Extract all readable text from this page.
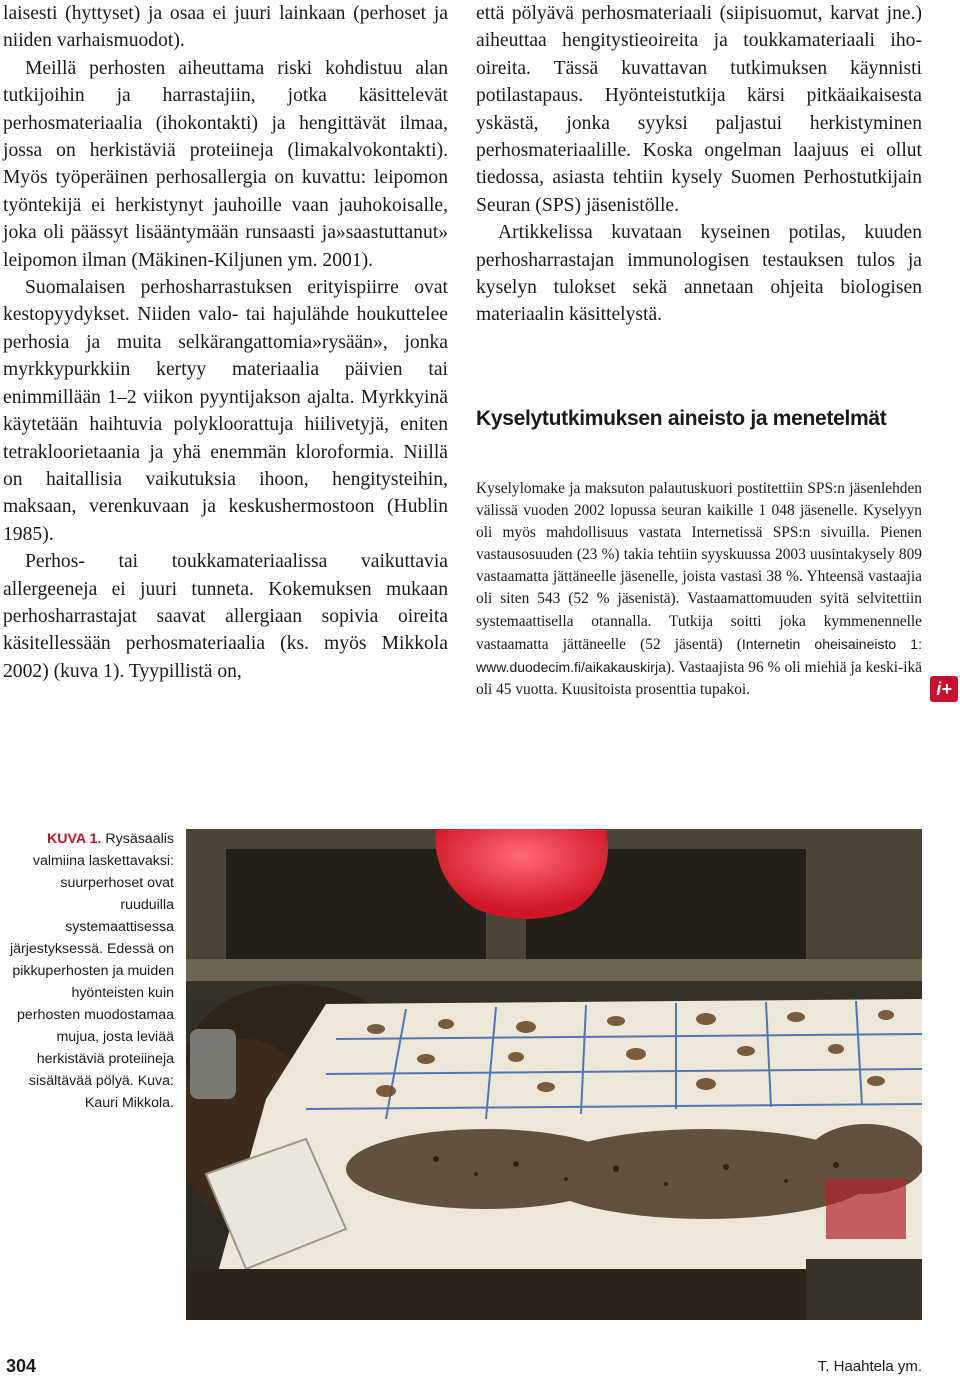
laisesti (hyttyset) ja osaa ei juuri lainkaan (perhoset ja niiden varhaismuodot).

Meillä perhosten aiheuttama riski kohdistuu alan tutkijoihin ja harrastajiin, jotka käsittelevät perhosmateriaalia (ihokontakti) ja hengittävät ilmaa, jossa on herkistäviä proteiineja (limakalvokontakti). Myös työperäinen perhosallergia on kuvattu: leipomon työntekijä ei herkistynyt jauhoille vaan jauhokoisalle, joka oli päässyt lisääntymään runsaasti ja»saastuttanut» leipomon ilman (Mäkinen-Kiljunen ym. 2001).

Suomalaisen perhosharrastuksen erityispiirre ovat kestopyydykset. Niiden valo- tai hajulähde houkuttelee perhosia ja muita selkärangattomia»rysään», jonka myrkkypurkkiin kertyy materiaalia päivien tai enimmillään 1–2 viikon pyyntijakson ajalta. Myrkkyinä käytetään haihtuvia polykloorattuja hiilivetyjä, eniten tetrakloorietaania ja yhä enemmän kloroformia. Niillä on haitallisia vaikutuksia ihoon, hengitysteihin, maksaan, verenkuvaan ja keskushermostoon (Hublin 1985).

Perhos- tai toukkamateriaalissa vaikuttavia allergeeneja ei juuri tunneta. Kokemuksen mukaan perhosharrastajat saavat allergiaan sopivia oireita käsitellessään perhosmateriaalia (ks. myös Mikkola 2002) (kuva 1). Tyypillistä on,

että pölyävä perhosmateriaali (siipisuomut, karvat jne.) aiheuttaa hengitystieoireita ja toukkamateriaali iho-oireita. Tässä kuvattavan tutkimuksen käynnisti potilastapaus. Hyönteistutkija kärsi pitkäaikaisesta yskästä, jonka syyksi paljastui herkistyminen perhosmateriaalille. Koska ongelman laajuus ei ollut tiedossa, asiasta tehtiin kysely Suomen Perhostutkijain Seuran (SPS) jäsenistölle.

Artikkelissa kuvataan kyseinen potilas, kuuden perhosharrastajan immunologisen testauksen tulos ja kyselyn tulokset sekä annetaan ohjeita biologisen materiaalin käsittelystä.

Kyselytutkimuksen aineisto ja menetelmät

Kyselylomake ja maksuton palautuskuori postitettiin SPS:n jäsenlehden välissä vuoden 2002 lopussa seuran kaikille 1 048 jäsenelle. Kyselyyn oli myös mahdollisuus vastata Internetissä SPS:n sivuilla. Pienen vastausosuuden (23 %) takia tehtiin syyskuussa 2003 uusintakysely 809 vastaamatta jättäneelle jäsenelle, joista vastasi 38 %. Yhteensä vastaajia oli siten 543 (52 % jäsenistä). Vastaamattomuuden syitä selvitettiin systemaattisella otannalla. Tutkija soitti joka kymmenennelle vastaamatta jättäneelle (52 jäsentä) (Internetin oheisaineisto 1: www.duodecim.fi/aikakauskirja). Vastaajista 96 % oli miehiä ja keski-ikä oli 45 vuotta. Kuusitoista prosenttia tupakoi.	i+
KUVA 1. Rysäsaalis valmiina laskettavaksi: suurperhoset ovat ruuduilla systemaattisessa järjestyksessä. Edessä on pikkuperhosten ja muiden hyönteisten kuin perhosten muodostamaa mujua, josta leviää herkistäviä proteiineja sisältävää pölyä. Kuva: Kauri Mikkola.
304	T. Haahtela ym.
